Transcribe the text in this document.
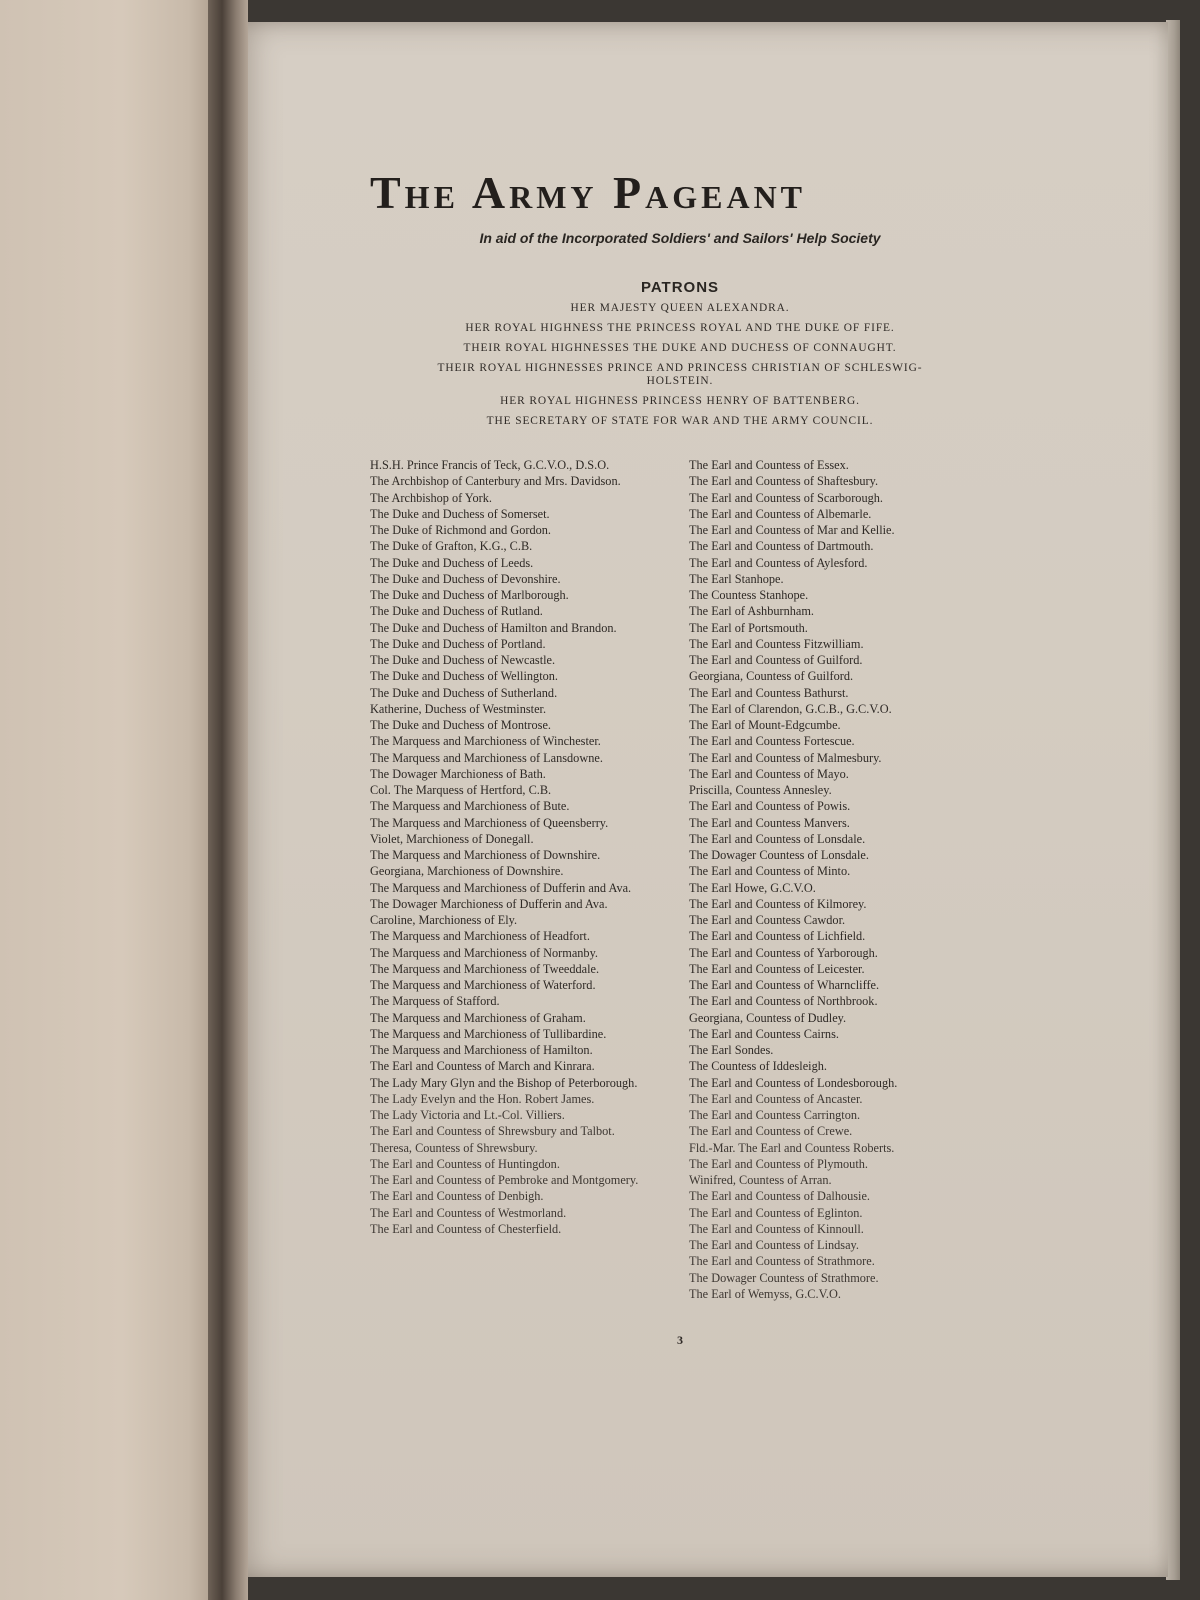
The Army Pageant
In aid of the Incorporated Soldiers' and Sailors' Help Society
PATRONS
HER MAJESTY QUEEN ALEXANDRA.
HER ROYAL HIGHNESS THE PRINCESS ROYAL AND THE DUKE OF FIFE.
THEIR ROYAL HIGHNESSES THE DUKE AND DUCHESS OF CONNAUGHT.
THEIR ROYAL HIGHNESSES PRINCE AND PRINCESS CHRISTIAN OF SCHLESWIG-HOLSTEIN.
HER ROYAL HIGHNESS PRINCESS HENRY OF BATTENBERG.
THE SECRETARY OF STATE FOR WAR AND THE ARMY COUNCIL.
H.S.H. Prince Francis of Teck, G.C.V.O., D.S.O.
The Archbishop of Canterbury and Mrs. Davidson.
The Archbishop of York.
The Duke and Duchess of Somerset.
The Duke of Richmond and Gordon.
The Duke of Grafton, K.G., C.B.
The Duke and Duchess of Leeds.
The Duke and Duchess of Devonshire.
The Duke and Duchess of Marlborough.
The Duke and Duchess of Rutland.
The Duke and Duchess of Hamilton and Brandon.
The Duke and Duchess of Portland.
The Duke and Duchess of Newcastle.
The Duke and Duchess of Wellington.
The Duke and Duchess of Sutherland.
Katherine, Duchess of Westminster.
The Duke and Duchess of Montrose.
The Marquess and Marchioness of Winchester.
The Marquess and Marchioness of Lansdowne.
The Dowager Marchioness of Bath.
Col. The Marquess of Hertford, C.B.
The Marquess and Marchioness of Bute.
The Marquess and Marchioness of Queensberry.
Violet, Marchioness of Donegall.
The Marquess and Marchioness of Downshire.
Georgiana, Marchioness of Downshire.
The Marquess and Marchioness of Dufferin and Ava.
The Dowager Marchioness of Dufferin and Ava.
Caroline, Marchioness of Ely.
The Marquess and Marchioness of Headfort.
The Marquess and Marchioness of Normanby.
The Marquess and Marchioness of Tweeddale.
The Marquess and Marchioness of Waterford.
The Marquess of Stafford.
The Marquess and Marchioness of Graham.
The Marquess and Marchioness of Tullibardine.
The Marquess and Marchioness of Hamilton.
The Earl and Countess of March and Kinrara.
The Lady Mary Glyn and the Bishop of Peterborough.
The Lady Evelyn and the Hon. Robert James.
The Lady Victoria and Lt.-Col. Villiers.
The Earl and Countess of Shrewsbury and Talbot.
Theresa, Countess of Shrewsbury.
The Earl and Countess of Huntingdon.
The Earl and Countess of Pembroke and Montgomery.
The Earl and Countess of Denbigh.
The Earl and Countess of Westmorland.
The Earl and Countess of Chesterfield.
The Earl and Countess of Essex.
The Earl and Countess of Shaftesbury.
The Earl and Countess of Scarborough.
The Earl and Countess of Albemarle.
The Earl and Countess of Mar and Kellie.
The Earl and Countess of Dartmouth.
The Earl and Countess of Aylesford.
The Earl Stanhope.
The Countess Stanhope.
The Earl of Ashburnham.
The Earl of Portsmouth.
The Earl and Countess Fitzwilliam.
The Earl and Countess of Guilford.
Georgiana, Countess of Guilford.
The Earl and Countess Bathurst.
The Earl of Clarendon, G.C.B., G.C.V.O.
The Earl of Mount-Edgcumbe.
The Earl and Countess Fortescue.
The Earl and Countess of Malmesbury.
The Earl and Countess of Mayo.
Priscilla, Countess Annesley.
The Earl and Countess of Powis.
The Earl and Countess Manvers.
The Earl and Countess of Lonsdale.
The Dowager Countess of Lonsdale.
The Earl and Countess of Minto.
The Earl Howe, G.C.V.O.
The Earl and Countess of Kilmorey.
The Earl and Countess Cawdor.
The Earl and Countess of Lichfield.
The Earl and Countess of Yarborough.
The Earl and Countess of Leicester.
The Earl and Countess of Wharncliffe.
The Earl and Countess of Northbrook.
Georgiana, Countess of Dudley.
The Earl and Countess Cairns.
The Earl Sondes.
The Countess of Iddesleigh.
The Earl and Countess of Londesborough.
The Earl and Countess of Ancaster.
The Earl and Countess Carrington.
The Earl and Countess of Crewe.
Fld.-Mar. The Earl and Countess Roberts.
The Earl and Countess of Plymouth.
Winifred, Countess of Arran.
The Earl and Countess of Dalhousie.
The Earl and Countess of Eglinton.
The Earl and Countess of Kinnoull.
The Earl and Countess of Lindsay.
The Earl and Countess of Strathmore.
The Dowager Countess of Strathmore.
The Earl of Wemyss, G.C.V.O.
3
